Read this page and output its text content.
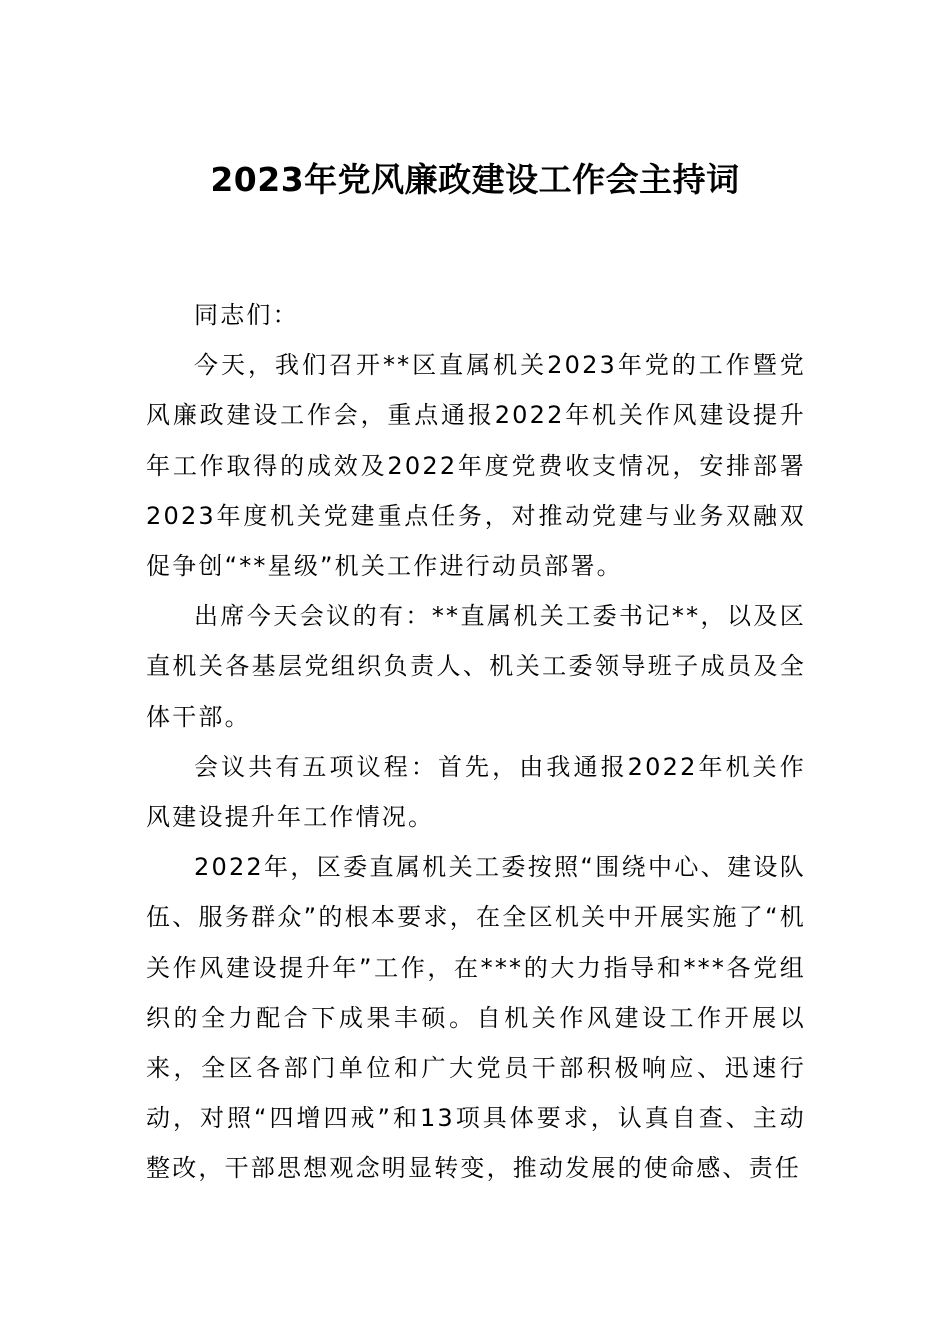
2023年党风廉政建设工作会主持词

同志们：

今天，我们召开**区直属机关2023年党的工作暨党风廉政建设工作会，重点通报2022年机关作风建设提升年工作取得的成效及2022年度党费收支情况，安排部署2023年度机关党建重点任务，对推动党建与业务双融双促争创“**星级”机关工作进行动员部署。

出席今天会议的有：**直属机关工委书记**，以及区直机关各基层党组织负责人、机关工委领导班子成员及全体干部。

会议共有五项议程：首先，由我通报2022年机关作风建设提升年工作情况。

2022年，区委直属机关工委按照“围绕中心、建设队伍、服务群众”的根本要求，在全区机关中开展实施了“机关作风建设提升年”工作，在***的大力指导和***各党组织的全力配合下成果丰硕。自机关作风建设工作开展以来，全区各部门单位和广大党员干部积极响应、迅速行动，对照“四增四戒”和13项具体要求，认真自查、主动整改，干部思想观念明显转变，推动发展的使命感、责任
